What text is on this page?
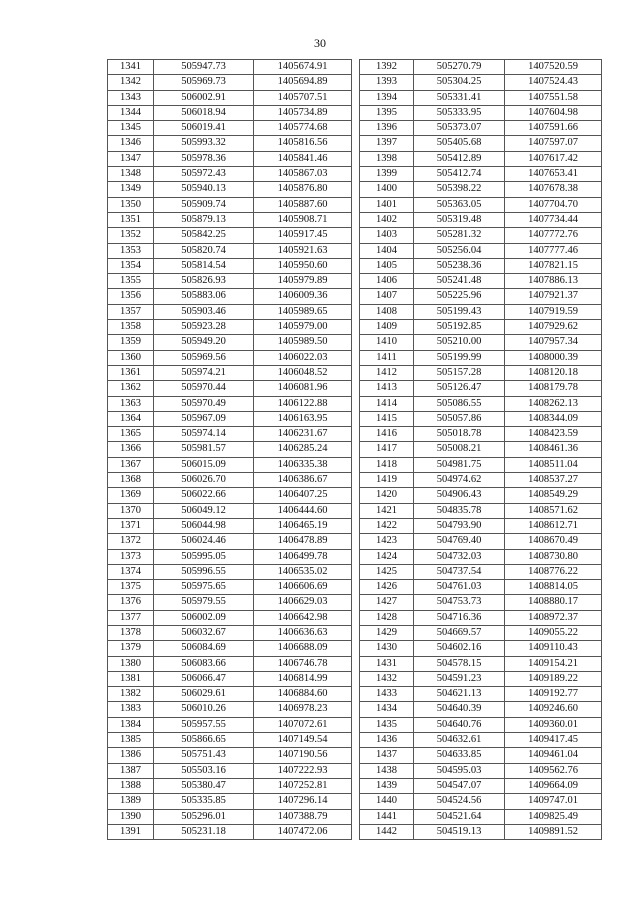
30
1341	505947.73	1405674.91
1342	505969.73	1405694.89
1343	506002.91	1405707.51
1344	506018.94	1405734.89
1345	506019.41	1405774.68
1346	505993.32	1405816.56
1347	505978.36	1405841.46
1348	505972.43	1405867.03
1349	505940.13	1405876.80
1350	505909.74	1405887.60
1351	505879.13	1405908.71
1352	505842.25	1405917.45
1353	505820.74	1405921.63
1354	505814.54	1405950.60
1355	505826.93	1405979.89
1356	505883.06	1406009.36
1357	505903.46	1405989.65
1358	505923.28	1405979.00
1359	505949.20	1405989.50
1360	505969.56	1406022.03
1361	505974.21	1406048.52
1362	505970.44	1406081.96
1363	505970.49	1406122.88
1364	505967.09	1406163.95
1365	505974.14	1406231.67
1366	505981.57	1406285.24
1367	506015.09	1406335.38
1368	506026.70	1406386.67
1369	506022.66	1406407.25
1370	506049.12	1406444.60
1371	506044.98	1406465.19
1372	506024.46	1406478.89
1373	505995.05	1406499.78
1374	505996.55	1406535.02
1375	505975.65	1406606.69
1376	505979.55	1406629.03
1377	506002.09	1406642.98
1378	506032.67	1406636.63
1379	506084.69	1406688.09
1380	506083.66	1406746.78
1381	506066.47	1406814.99
1382	506029.61	1406884.60
1383	506010.26	1406978.23
1384	505957.55	1407072.61
1385	505866.65	1407149.54
1386	505751.43	1407190.56
1387	505503.16	1407222.93
1388	505380.47	1407252.81
1389	505335.85	1407296.14
1390	505296.01	1407388.79
1391	505231.18	1407472.06
1392	505270.79	1407520.59
1393	505304.25	1407524.43
1394	505331.41	1407551.58
1395	505333.95	1407604.98
1396	505373.07	1407591.66
1397	505405.68	1407597.07
1398	505412.89	1407617.42
1399	505412.74	1407653.41
1400	505398.22	1407678.38
1401	505363.05	1407704.70
1402	505319.48	1407734.44
1403	505281.32	1407772.76
1404	505256.04	1407777.46
1405	505238.36	1407821.15
1406	505241.48	1407886.13
1407	505225.96	1407921.37
1408	505199.43	1407919.59
1409	505192.85	1407929.62
1410	505210.00	1407957.34
1411	505199.99	1408000.39
1412	505157.28	1408120.18
1413	505126.47	1408179.78
1414	505086.55	1408262.13
1415	505057.86	1408344.09
1416	505018.78	1408423.59
1417	505008.21	1408461.36
1418	504981.75	1408511.04
1419	504974.62	1408537.27
1420	504906.43	1408549.29
1421	504835.78	1408571.62
1422	504793.90	1408612.71
1423	504769.40	1408670.49
1424	504732.03	1408730.80
1425	504737.54	1408776.22
1426	504761.03	1408814.05
1427	504753.73	1408880.17
1428	504716.36	1408972.37
1429	504669.57	1409055.22
1430	504602.16	1409110.43
1431	504578.15	1409154.21
1432	504591.23	1409189.22
1433	504621.13	1409192.77
1434	504640.39	1409246.60
1435	504640.76	1409360.01
1436	504632.61	1409417.45
1437	504633.85	1409461.04
1438	504595.03	1409562.76
1439	504547.07	1409664.09
1440	504524.56	1409747.01
1441	504521.64	1409825.49
1442	504519.13	1409891.52
